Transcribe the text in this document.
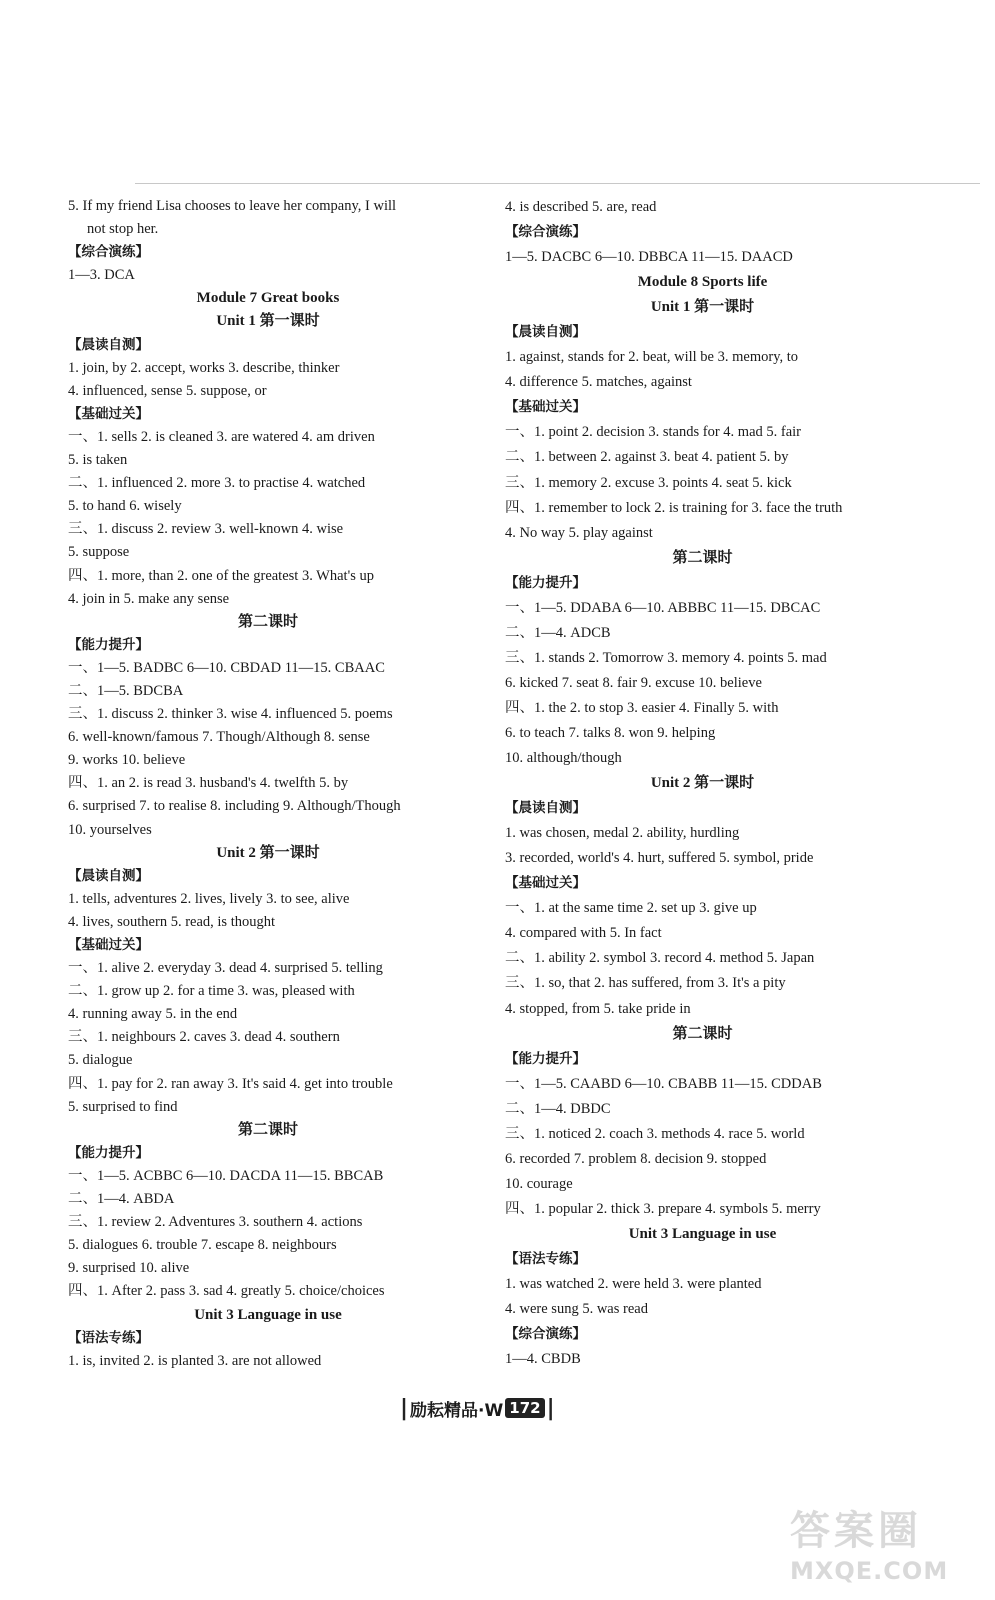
5. If my friend Lisa chooses to leave her company, I will
not stop her.
【综合演练】
1—3. DCA
Module 7 Great books
Unit 1 第一课时
【晨读自测】
1. join, by 2. accept, works 3. describe, thinker
4. influenced, sense 5. suppose, or
【基础过关】
一、1. sells 2. is cleaned 3. are watered 4. am driven
5. is taken
二、1. influenced 2. more 3. to practise 4. watched
5. to hand 6. wisely
三、1. discuss 2. review 3. well-known 4. wise
5. suppose
四、1. more, than 2. one of the greatest 3. What's up
4. join in 5. make any sense
第二课时
【能力提升】
一、1—5. BADBC 6—10. CBDAD 11—15. CBAAC
二、1—5. BDCBA
三、1. discuss 2. thinker 3. wise 4. influenced 5. poems
6. well-known/famous 7. Though/Although 8. sense
9. works 10. believe
四、1. an 2. is read 3. husband's 4. twelfth 5. by
6. surprised 7. to realise 8. including 9. Although/Though
10. yourselves
Unit 2 第一课时
【晨读自测】
1. tells, adventures 2. lives, lively 3. to see, alive
4. lives, southern 5. read, is thought
【基础过关】
一、1. alive 2. everyday 3. dead 4. surprised 5. telling
二、1. grow up 2. for a time 3. was, pleased with
4. running away 5. in the end
三、1. neighbours 2. caves 3. dead 4. southern
5. dialogue
四、1. pay for 2. ran away 3. It's said 4. get into trouble
5. surprised to find
第二课时
【能力提升】
一、1—5. ACBBC 6—10. DACDA 11—15. BBCAB
二、1—4. ABDA
三、1. review 2. Adventures 3. southern 4. actions
5. dialogues 6. trouble 7. escape 8. neighbours
9. surprised 10. alive
四、1. After 2. pass 3. sad 4. greatly 5. choice/choices
Unit 3 Language in use
【语法专练】
1. is, invited 2. is planted 3. are not allowed
4. is described 5. are, read
【综合演练】
1—5. DACBC 6—10. DBBCA 11—15. DAACD
Module 8 Sports life
Unit 1 第一课时
【晨读自测】
1. against, stands for 2. beat, will be 3. memory, to
4. difference 5. matches, against
【基础过关】
一、1. point 2. decision 3. stands for 4. mad 5. fair
二、1. between 2. against 3. beat 4. patient 5. by
三、1. memory 2. excuse 3. points 4. seat 5. kick
四、1. remember to lock 2. is training for 3. face the truth
4. No way 5. play against
第二课时
【能力提升】
一、1—5. DDABA 6—10. ABBBC 11—15. DBCAC
二、1—4. ADCB
三、1. stands 2. Tomorrow 3. memory 4. points 5. mad
6. kicked 7. seat 8. fair 9. excuse 10. believe
四、1. the 2. to stop 3. easier 4. Finally 5. with
6. to teach 7. talks 8. won 9. helping
10. although/though
Unit 2 第一课时
【晨读自测】
1. was chosen, medal 2. ability, hurdling
3. recorded, world's 4. hurt, suffered 5. symbol, pride
【基础过关】
一、1. at the same time 2. set up 3. give up
4. compared with 5. In fact
二、1. ability 2. symbol 3. record 4. method 5. Japan
三、1. so, that 2. has suffered, from 3. It's a pity
4. stopped, from 5. take pride in
第二课时
【能力提升】
一、1—5. CAABD 6—10. CBABB 11—15. CDDAB
二、1—4. DBDC
三、1. noticed 2. coach 3. methods 4. race 5. world
6. recorded 7. problem 8. decision 9. stopped
10. courage
四、1. popular 2. thick 3. prepare 4. symbols 5. merry
Unit 3 Language in use
【语法专练】
1. was watched 2. were held 3. were planted
4. were sung 5. was read
【综合演练】
1—4. CBDB
| 励耘精品·W 172 |
答案圈
MXQE.COM
